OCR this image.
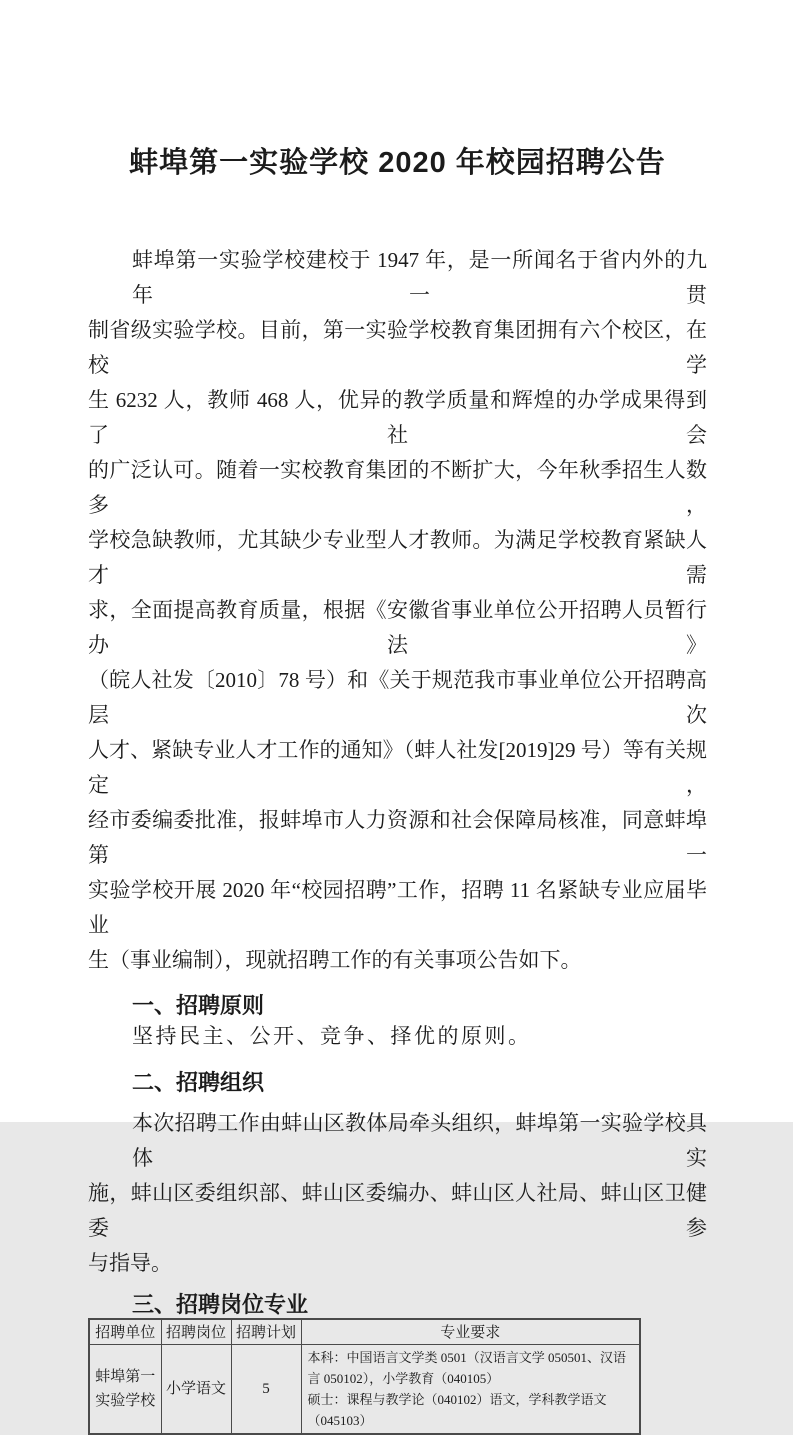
蚌埠第一实验学校 2020 年校园招聘公告
蚌埠第一实验学校建校于 1947 年，是一所闻名于省内外的九年一贯
制省级实验学校。目前，第一实验学校教育集团拥有六个校区，在校学
生 6232 人，教师 468 人，优异的教学质量和辉煌的办学成果得到了社会
的广泛认可。随着一实校教育集团的不断扩大，今年秋季招生人数多，
学校急缺教师，尤其缺少专业型人才教师。为满足学校教育紧缺人才需
求，全面提高教育质量，根据《安徽省事业单位公开招聘人员暂行办法》
（皖人社发〔2010〕78 号）和《关于规范我市事业单位公开招聘高层次
人才、紧缺专业人才工作的通知》（蚌人社发[2019]29 号）等有关规定，
经市委编委批准，报蚌埠市人力资源和社会保障局核准，同意蚌埠第一
实验学校开展 2020 年“校园招聘”工作，招聘 11 名紧缺专业应届毕业
生（事业编制），现就招聘工作的有关事项公告如下。
一、招聘原则
坚持民主、公开、竞争、择优的原则。
二、招聘组织
本次招聘工作由蚌山区教体局牵头组织，蚌埠第一实验学校具体实
施，蚌山区委组织部、蚌山区委编办、蚌山区人社局、蚌山区卫健委参
与指导。
三、招聘岗位专业
招聘单位	招聘岗位	招聘计划	专业要求
蚌埠第一
实验学校	小学语文	5	本科：中国语言文学类 0501（汉语言文学 050501、汉语言 050102），小学教育（040105）
硕士：课程与教学论（040102）语文，学科教学语文（045103）
